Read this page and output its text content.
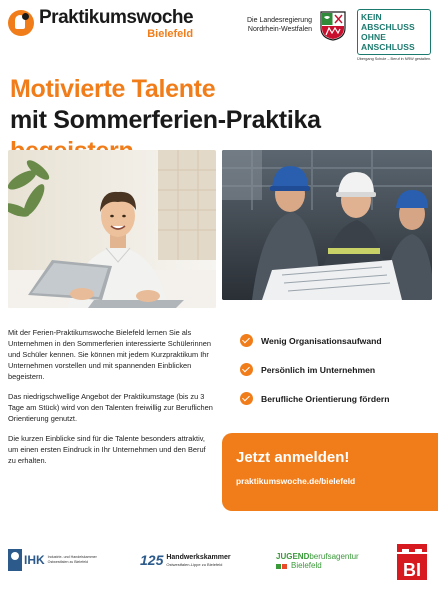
Praktikumswoche
Bielefeld
Die Landesregierung
Nordrhein-Westfalen
KEIN ABSCHLUSS
OHNE ANSCHLUSS
Übergang Schule – Beruf in NRW gestalten.
Motivierte Talente
mit Sommerferien-Praktika

Mit der Ferien-Praktikumswoche Bielefeld lernen Sie als Unternehmen in den Sommerferien interessierte Schülerinnen und Schüler kennen. Sie können mit jedem Kurzpraktikum Ihr Unternehmen vorstellen und mit spannenden Einblicken begeistern.

Das niedrigschwellige Angebot der Praktikumstage (bis zu 3 Tage am Stück) wird von den Talenten freiwillig zur Beruflichen Orientierung genutzt.

Die kurzen Einblicke sind für die Talente besonders attraktiv, um einen ersten Eindruck in Ihr Unternehmen und den Beruf zu erhalten.

Wenig Organisationsaufwand
Persönlich im Unternehmen
Berufliche Orientierung fördern
Jetzt anmelden!
praktikumswoche.de/bielefeld
IHK Industrie- und Handelskammer
Ostwestfalen zu Bielefeld	125 Handwerkskammer
Ostwestfalen-Lippe zu Bielefeld
JUGENDberufsagentur
Bielefeld	BI
